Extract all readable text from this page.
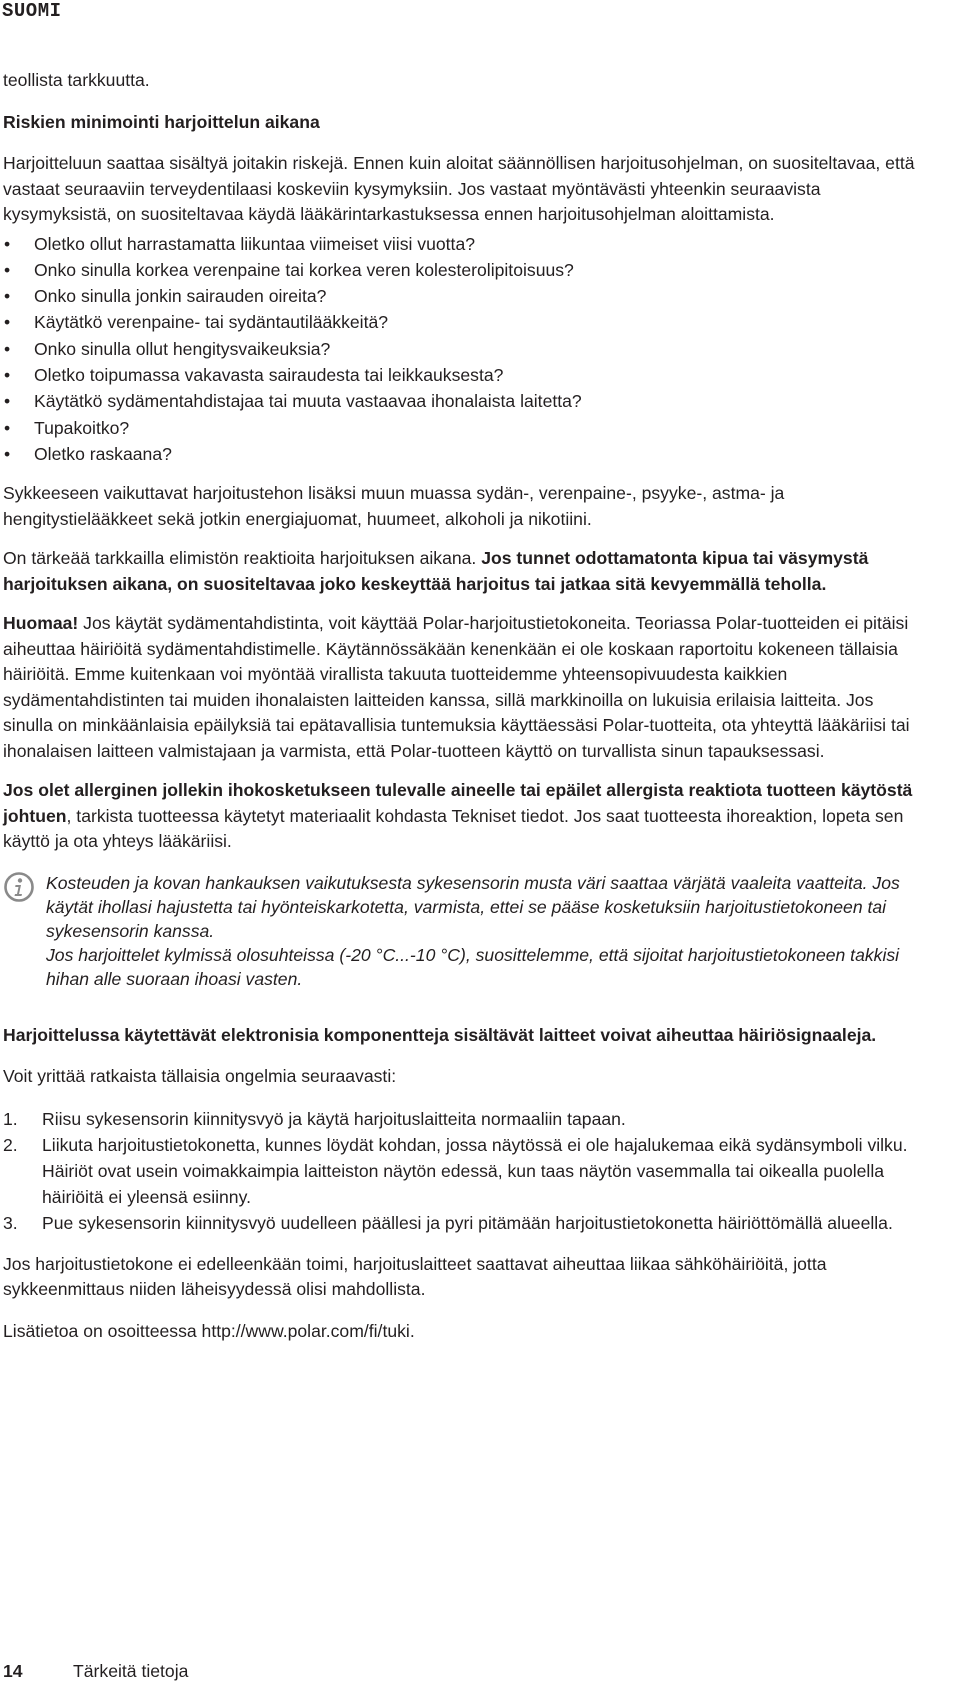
SUOMI

teollista tarkkuutta.

Riskien minimointi harjoittelun aikana

Harjoitteluun saattaa sisältyä joitakin riskejä. Ennen kuin aloitat säännöllisen harjoitusohjelman, on suositeltavaa, että vastaat seuraaviin terveydentilaasi koskeviin kysymyksiin. Jos vastaat myöntävästi yhteenkin seuraavista kysymyksistä, on suositeltavaa käydä lääkärintarkastuksessa ennen harjoitusohjelman aloittamista.

• Oletko ollut harrastamatta liikuntaa viimeiset viisi vuotta?
• Onko sinulla korkea verenpaine tai korkea veren kolesterolipitoisuus?
• Onko sinulla jonkin sairauden oireita?
• Käytätkö verenpaine- tai sydäntautilääkkeitä?
• Onko sinulla ollut hengitysvaikeuksia?
• Oletko toipumassa vakavasta sairaudesta tai leikkauksesta?
• Käytätkö sydämentahdistajaa tai muuta vastaavaa ihonalaista laitetta?
• Tupakoitko?
• Oletko raskaana?

Sykkeeseen vaikuttavat harjoitustehon lisäksi muun muassa sydän-, verenpaine-, psyyke-, astma- ja hengitystielääkkeet sekä jotkin energiajuomat, huumeet, alkoholi ja nikotiini.

On tärkeää tarkkailla elimistön reaktioita harjoituksen aikana. Jos tunnet odottamatonta kipua tai väsymystä harjoituksen aikana, on suositeltavaa joko keskeyttää harjoitus tai jatkaa sitä kevyemmällä teholla.

Huomaa! Jos käytät sydämentahdistinta, voit käyttää Polar-harjoitustietokoneita. Teoriassa Polar-tuotteiden ei pitäisi aiheuttaa häiriöitä sydämentahdistimelle. Käytännössäkään kenenkään ei ole koskaan raportoitu kokeneen tällaisia häiriöitä. Emme kuitenkaan voi myöntää virallista takuuta tuotteidemme yhteensopivuudesta kaikkien sydämentahdistinten tai muiden ihonalaisten laitteiden kanssa, sillä markkinoilla on lukuisia erilaisia laitteita. Jos sinulla on minkäänlaisia epäilyksiä tai epätavallisia tuntemuksia käyttäessäsi Polar-tuotteita, ota yhteyttä lääkäriisi tai ihonalaisen laitteen valmistajaan ja varmista, että Polar-tuotteen käyttö on turvallista sinun tapauksessasi.

Jos olet allerginen jollekin ihokosketukseen tulevalle aineelle tai epäilet allergista reaktiota tuotteen käytöstä johtuen, tarkista tuotteessa käytetyt materiaalit kohdasta Tekniset tiedot. Jos saat tuotteesta ihoreaktion, lopeta sen käyttö ja ota yhteys lääkäriisi.

Kosteuden ja kovan hankauksen vaikutuksesta sykesensorin musta väri saattaa värjätä vaaleita vaatteita. Jos käytät ihollasi hajustetta tai hyönteiskarkotetta, varmista, ettei se pääse kosketuksiin harjoitustietokoneen tai sykesensorin kanssa.
Jos harjoittelet kylmissä olosuhteissa (-20 °C...-10 °C), suosittelemme, että sijoitat harjoitustietokoneen takkisi hihan alle suoraan ihoasi vasten.

Harjoittelussa käytettävät elektronisia komponentteja sisältävät laitteet voivat aiheuttaa häiriösignaaleja.

Voit yrittää ratkaista tällaisia ongelmia seuraavasti:

1. Riisu sykesensorin kiinnitysvyö ja käytä harjoituslaitteita normaaliin tapaan.
2. Liikuta harjoitustietokonetta, kunnes löydät kohdan, jossa näytössä ei ole hajalukemaa eikä sydänsymboli vilku. Häiriöt ovat usein voimakkaimpia laitteiston näytön edessä, kun taas näytön vasemmalla tai oikealla puolella häiriöitä ei yleensä esiinny.
3. Pue sykesensorin kiinnitysvyö uudelleen päällesi ja pyri pitämään harjoitustietokonetta häiriöttömällä alueella.

Jos harjoitustietokone ei edelleenkään toimi, harjoituslaitteet saattavat aiheuttaa liikaa sähköhäiriöitä, jotta sykkeenmittaus niiden läheisyydessä olisi mahdollista.

Lisätietoa on osoitteessa http://www.polar.com/fi/tuki.

14	Tärkeitä tietoja
